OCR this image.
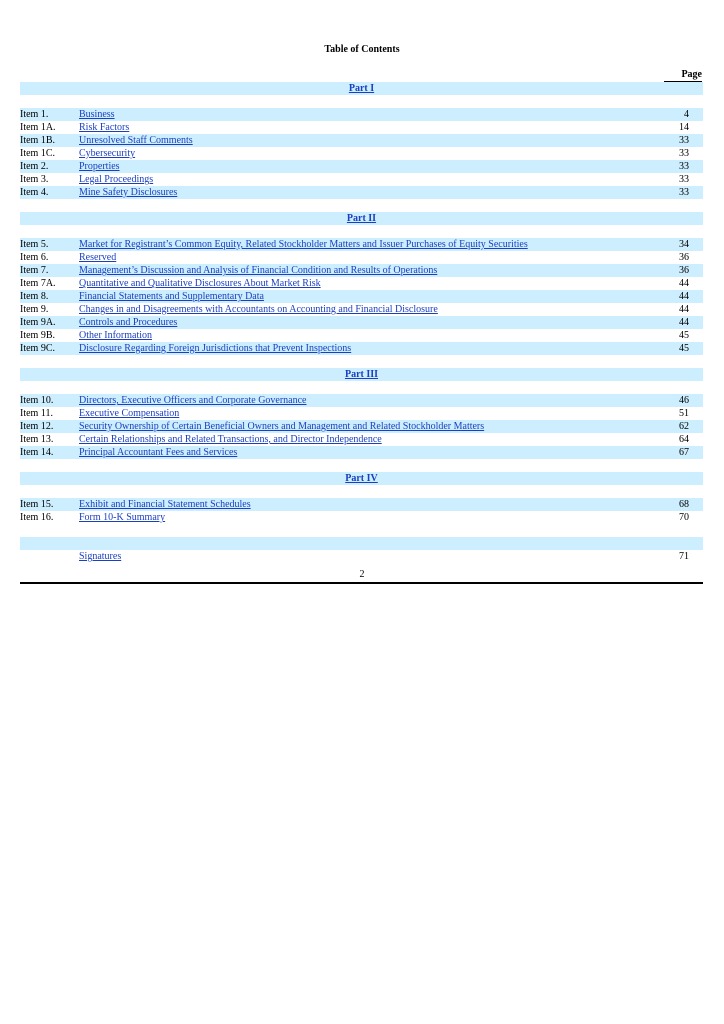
Table of Contents
Page
Part I
Item 1.	Business	4
Item 1A. Risk Factors	14
Item 1B. Unresolved Staff Comments	33
Item 1C. Cybersecurity	33
Item 2.	Properties	33
Item 3.	Legal Proceedings	33
Item 4.	Mine Safety Disclosures	33
Part II
Item 5.	Market for Registrant’s Common Equity, Related Stockholder Matters and Issuer Purchases of Equity Securities	34
Item 6.	Reserved	36
Item 7.	Management’s Discussion and Analysis of Financial Condition and Results of Operations	36
Item 7A. Quantitative and Qualitative Disclosures About Market Risk	44
Item 8.	Financial Statements and Supplementary Data	44
Item 9.	Changes in and Disagreements with Accountants on Accounting and Financial Disclosure	44
Item 9A. Controls and Procedures	44
Item 9B. Other Information	45
Item 9C. Disclosure Regarding Foreign Jurisdictions that Prevent Inspections	45
Part III
Item 10.	Directors, Executive Officers and Corporate Governance	46
Item 11.	Executive Compensation	51
Item 12.	Security Ownership of Certain Beneficial Owners and Management and Related Stockholder Matters	62
Item 13.	Certain Relationships and Related Transactions, and Director Independence	64
Item 14.	Principal Accountant Fees and Services	67
Part IV
Item 15.	Exhibit and Financial Statement Schedules	68
Item 16.	Form 10-K Summary	70
Signatures	71
2
